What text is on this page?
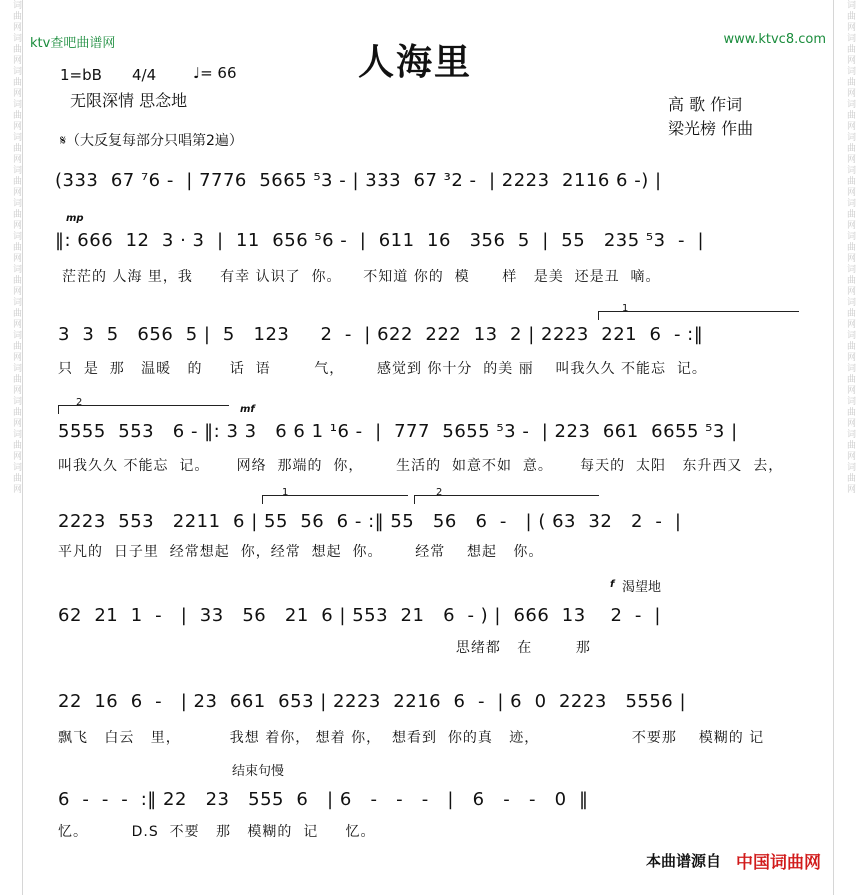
词曲网词曲网词曲网词曲网词曲网词曲网词曲网词曲网词曲网词曲网词曲网词曲网词曲网词曲网词曲网	词曲网词曲网词曲网词曲网词曲网词曲网词曲网词曲网词曲网词曲网词曲网词曲网词曲网词曲网词曲网
ktv查吧曲谱网	www.ktvc8.com
人海里
1=bB 4/4 ♩= 66
无限深情 思念地	高 歌 作词
梁光榜 作曲
𝄋（大反复每部分只唱第2遍）
(333  67 ⁷6 -  | 7776  5665 ⁵3 - | 333  67 ³2 -  | 2223  2116 6 -) |
mp
‖: 666  12  3 · 3  |  11  656 ⁵6 -  |  611  16   356  5  |  55   235 ⁵3  -  |
茫茫的 人海 里，我     有幸 认识了  你。    不知道 你的  模      样   是美  还是丑  嘀。
1
3  3  5   656  5 |  5   123     2  -  | 622  222  13  2 | 2223  221  6  - :‖
只  是  那   温暖   的     话  语        气，      感觉到 你十分  的美 丽    叫我久久 不能忘  记。
2
mf
5555  553   6 - ‖: 3 3   6 6 1 ¹6 -  |  777  5655 ⁵3 -  | 223  661  6655 ⁵3 |
叫我久久 不能忘  记。     网络  那端的  你，      生活的  如意不如  意。     每天的  太阳   东升西又  去，
1	2
2223  553   2211  6 | 55  56  6 - :‖ 55   56   6  -   | ( 63  32   2  -  |
平凡的  日子里  经常想起  你，经常  想起  你。      经常    想起   你。
f 渴望地
62  21  1  -   |  33   56   21  6 | 553  21   6  - ) |  666  13    2  -  |
思绪都   在        那
22  16  6  -   | 23  661  653 | 2223  2216  6  -  | 6  0  2223   5556 |
飘飞   白云   里，         我想 着你， 想着 你，  想看到  你的真   迹，                 不要那    模糊的 记
结束句慢
6  -  -  -  :‖ 22   23   555  6   | 6   -   -   -   |   6   -   -   0  ‖
忆。        D.S  不要   那   模糊的  记     忆。
本曲谱源自 中国词曲网
